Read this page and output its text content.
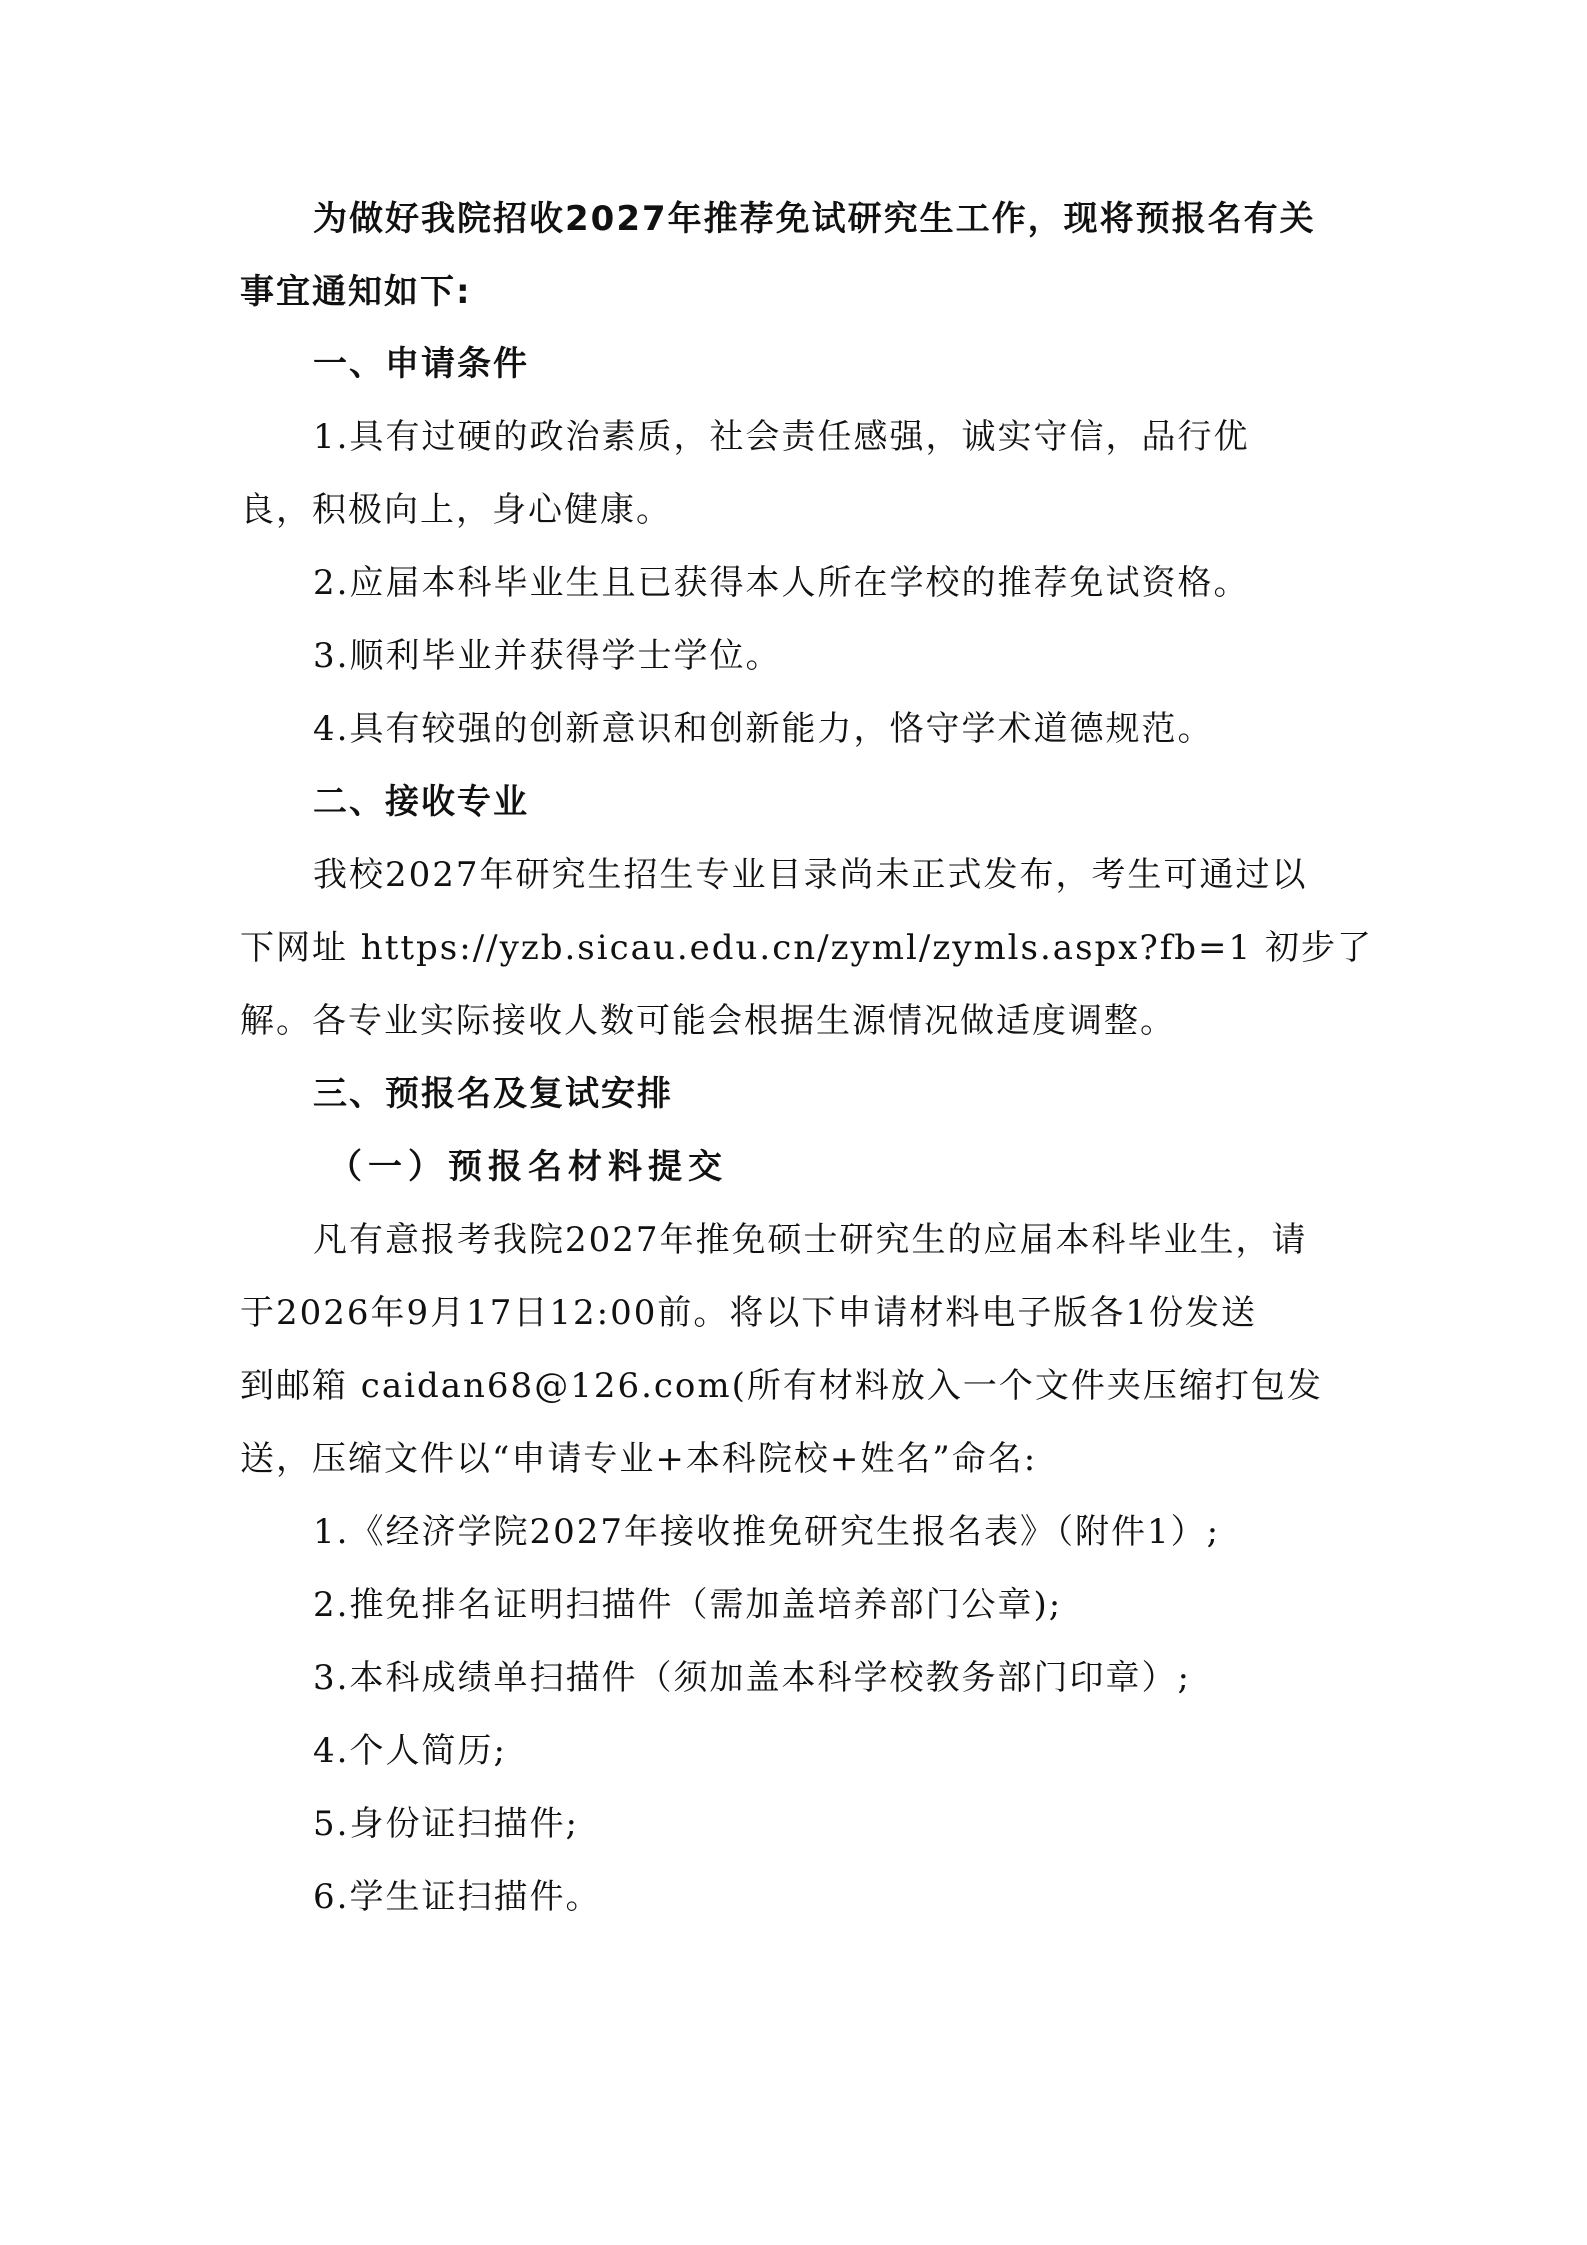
为做好我院招收2027年推荐免试研究生工作，现将预报名有关
事宜通知如下:
一、申请条件
1.具有过硬的政治素质，社会责任感强，诚实守信，品行优
良，积极向上，身心健康。
2.应届本科毕业生且已获得本人所在学校的推荐免试资格。
3.顺利毕业并获得学士学位。
4.具有较强的创新意识和创新能力，恪守学术道德规范。
二、接收专业
我校2027年研究生招生专业目录尚未正式发布，考生可通过以
下网址 https://yzb.sicau.edu.cn/zyml/zymls.aspx?fb=1 初步了
解。各专业实际接收人数可能会根据生源情况做适度调整。
三、预报名及复试安排
（一）预报名材料提交
凡有意报考我院2027年推免硕士研究生的应届本科毕业生，请
于2026年9月17日12:00前。将以下申请材料电子版各1份发送
到邮箱 caidan68@126.com(所有材料放入一个文件夹压缩打包发
送，压缩文件以“申请专业+本科院校+姓名”命名:
1.《经济学院2027年接收推免研究生报名表》（附件1）;
2.推免排名证明扫描件（需加盖培养部门公章);
3.本科成绩单扫描件（须加盖本科学校教务部门印章）;
4.个人简历;
5.身份证扫描件;
6.学生证扫描件。
